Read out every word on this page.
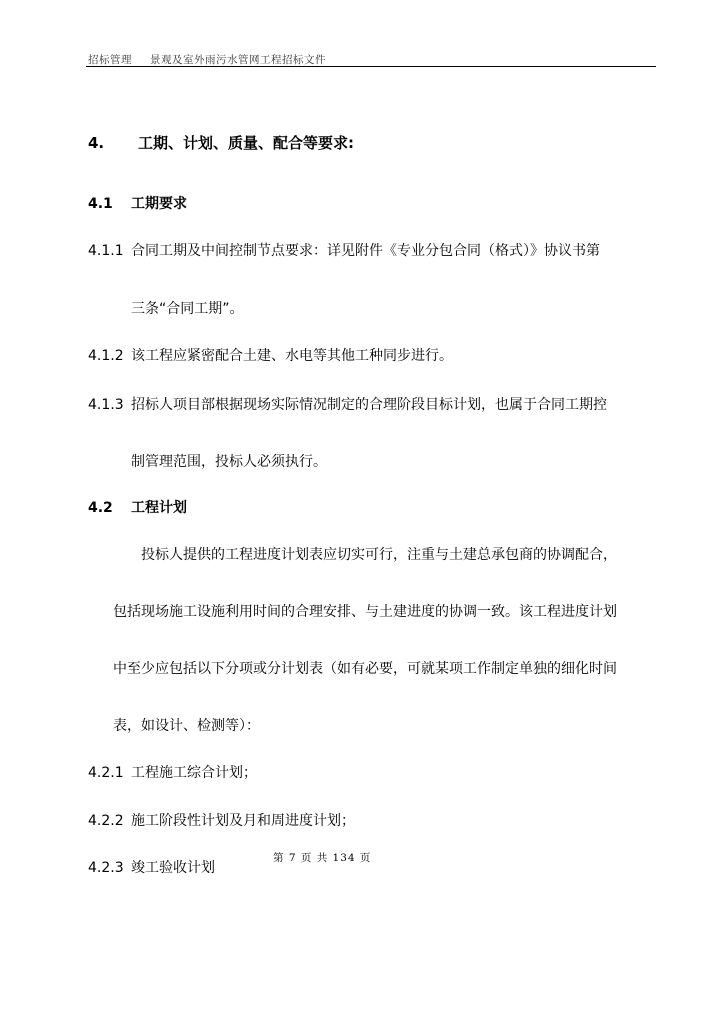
招标管理 景观及室外雨污水管网工程招标文件
4. 工期、计划、质量、配合等要求:
4.1 工期要求
4.1.1 合同工期及中间控制节点要求：详见附件《专业分包合同（格式）》协议书第
三条“合同工期”。
4.1.2 该工程应紧密配合土建、水电等其他工种同步进行。
4.1.3 招标人项目部根据现场实际情况制定的合理阶段目标计划，也属于合同工期控
制管理范围，投标人必须执行。
4.2 工程计划
投标人提供的工程进度计划表应切实可行，注重与土建总承包商的协调配合，
包括现场施工设施利用时间的合理安排、与土建进度的协调一致。该工程进度计划
中至少应包括以下分项或分计划表（如有必要，可就某项工作制定单独的细化时间
表，如设计、检测等）：
4.2.1 工程施工综合计划；
4.2.2 施工阶段性计划及月和周进度计划；
第 7 页 共 134 页
4.2.3 竣工验收计划
